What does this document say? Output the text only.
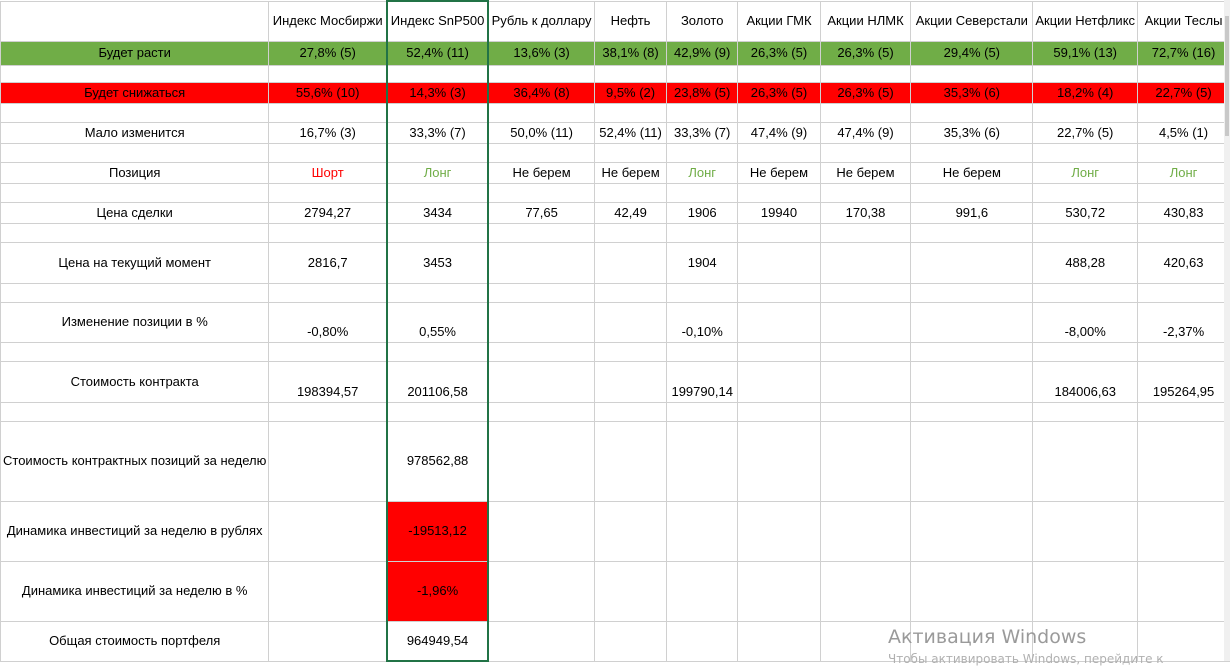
	Индекс Мосбиржи	Индекс SnP500	Рубль к доллару	Нефть	Золото	Акции ГМК	Акции НЛМК	Акции Северстали	Акции Нетфликс	Акции Теслы
Будет расти	27,8% (5)	52,4% (11)	13,6% (3)	38,1% (8)	42,9% (9)	26,3% (5)	26,3% (5)	29,4% (5)	59,1% (13)	72,7% (16)

Будет снижаться	55,6% (10)	14,3% (3)	36,4% (8)	9,5% (2)	23,8% (5)	26,3% (5)	26,3% (5)	35,3% (6)	18,2% (4)	22,7% (5)

Мало изменится	16,7% (3)	33,3% (7)	50,0% (11)	52,4% (11)	33,3% (7)	47,4% (9)	47,4% (9)	35,3% (6)	22,7% (5)	4,5% (1)

Позиция	Шорт	Лонг	Не берем	Не берем	Лонг	Не берем	Не берем	Не берем	Лонг	Лонг

Цена сделки	2794,27	3434	77,65	42,49	1906	19940	170,38	991,6	530,72	430,83

Цена на текущий момент	2816,7	3453			1904				488,28	420,63

Изменение позиции в %	-0,80%	0,55%			-0,10%				-8,00%	-2,37%

Стоимость контракта	198394,57	201106,58			199790,14				184006,63	195264,95

Стоимость контрактных позиций за неделю		978562,88								
Динамика инвестиций за неделю в рублях		-19513,12								
Динамика инвестиций за неделю в %		-1,96%								
Общая стоимость портфеля		964949,54									Активация Windows
Чтобы активировать Windows, перейдите к
